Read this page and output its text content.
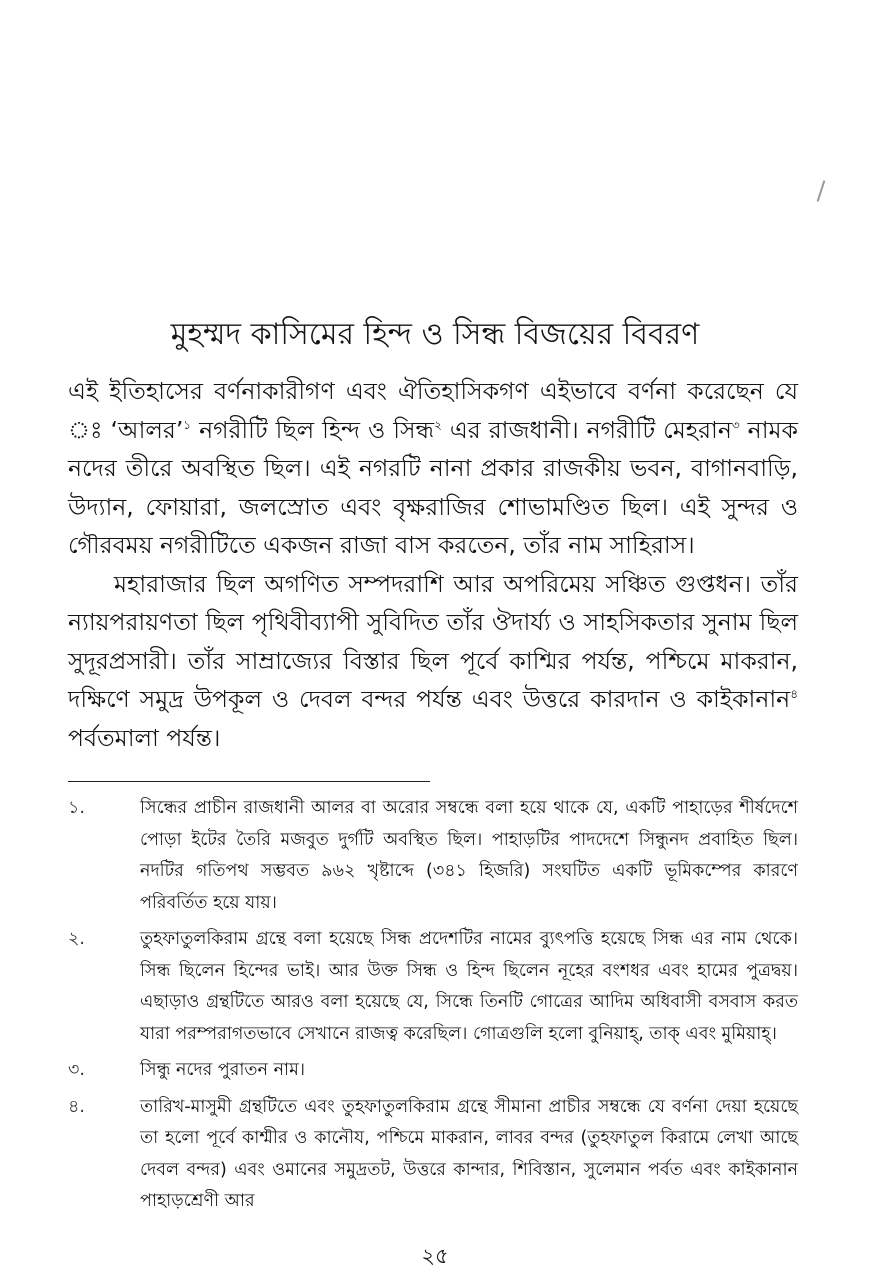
মুহম্মদ কাসিমের হিন্দ ও সিন্ধ বিজয়ের বিবরণ

এই ইতিহাসের বর্ণনাকারীগণ এবং ঐতিহাসিকগণ এইভাবে বর্ণনা করেছেন যে ঃ ‘আলর’$^১$ নগরীটি ছিল হিন্দ ও সিন্ধ$^২$ এর রাজধানী। নগরীটি মেহরান$^৩$ নামক নদের তীরে অবস্থিত ছিল। এই নগরটি নানা প্রকার রাজকীয় ভবন, বাগানবাড়ি, উদ্যান, ফোয়ারা, জলস্রোত এবং বৃক্ষরাজির শোভামণ্ডিত ছিল। এই সুন্দর ও গৌরবময় নগরীটিতে একজন রাজা বাস করতেন, তাঁর নাম সাহিরাস।

মহারাজার ছিল অগণিত সম্পদরাশি আর অপরিমেয় সঞ্চিত গুপ্তধন। তাঁর ন্যায়পরায়ণতা ছিল পৃথিবীব্যাপী সুবিদিত তাঁর ঔদার্য্য ও সাহসিকতার সুনাম ছিল সুদূরপ্রসারী। তাঁর সাম্রাজ্যের বিস্তার ছিল পূর্বে কাশ্মির পর্যন্ত, পশ্চিমে মাকরান, দক্ষিণে সমুদ্র উপকূল ও দেবল বন্দর পর্যন্ত এবং উত্তরে কারদান ও কাইকানান$^৪$ পর্বতমালা পর্যন্ত।

১.	সিন্ধের প্রাচীন রাজধানী আলর বা অরোর সম্বন্ধে বলা হয়ে থাকে যে, একটি পাহাড়ের শীর্ষদেশে পোড়া ইটের তৈরি মজবুত দুর্গটি অবস্থিত ছিল। পাহাড়টির পাদদেশে সিন্ধুনদ প্রবাহিত ছিল। নদটির গতিপথ সম্ভবত ৯৬২ খৃষ্টাব্দে (৩৪১ হিজরি) সংঘটিত একটি ভূমিকম্পের কারণে পরিবর্তিত হয়ে যায়।
২.	তুহফাতুলকিরাম গ্রন্থে বলা হয়েছে সিন্ধ প্রদেশটির নামের ব্যুৎপত্তি হয়েছে সিন্ধ এর নাম থেকে। সিন্ধ ছিলেন হিন্দের ভাই। আর উক্ত সিন্ধ ও হিন্দ ছিলেন নূহের বংশধর এবং হামের পুত্রদ্বয়। এছাড়াও গ্রন্থটিতে আরও বলা হয়েছে যে, সিন্ধে তিনটি গোত্রের আদিম অধিবাসী বসবাস করত যারা পরম্পরাগতভাবে সেখানে রাজত্ব করেছিল। গোত্রগুলি হলো বুনিয়াহ্, তাক্ এবং মুমিয়াহ্।
৩.	সিন্ধু নদের পুরাতন নাম।
৪.	তারিখ-মাসুমী গ্রন্থটিতে এবং তুহফাতুলকিরাম গ্রন্থে সীমানা প্রাচীর সম্বন্ধে যে বর্ণনা দেয়া হয়েছে তা হলো পূর্বে কাশ্মীর ও কানৌয, পশ্চিমে মাকরান, লাবর বন্দর (তুহফাতুল কিরামে লেখা আছে দেবল বন্দর) এবং ওমানের সমুদ্রতট, উত্তরে কান্দার, শিবিস্তান, সুলেমান পর্বত এবং কাইকানান পাহাড়শ্রেণী আর
২৫
